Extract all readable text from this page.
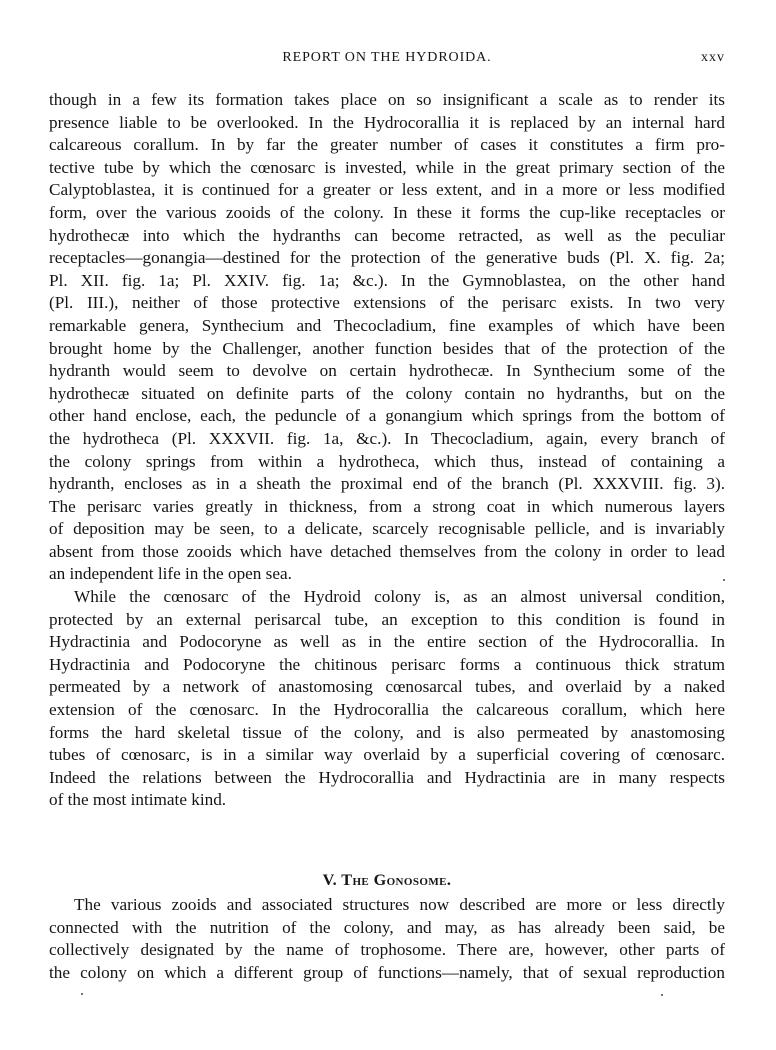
REPORT ON THE HYDROIDA.	xxv
though in a few its formation takes place on so insignificant a scale as to render its
presence liable to be overlooked. In the Hydrocorallia it is replaced by an internal hard
calcareous corallum. In by far the greater number of cases it constitutes a firm pro-
tective tube by which the cœnosarc is invested, while in the great primary section of the
Calyptoblastea, it is continued for a greater or less extent, and in a more or less modified
form, over the various zooids of the colony. In these it forms the cup-like receptacles or
hydrothecæ into which the hydranths can become retracted, as well as the peculiar
receptacles—gonangia—destined for the protection of the generative buds (Pl. X. fig. 2a;
Pl. XII. fig. 1a; Pl. XXIV. fig. 1a; &c.). In the Gymnoblastea, on the other hand
(Pl. III.), neither of those protective extensions of the perisarc exists. In two very
remarkable genera, Synthecium and Thecocladium, fine examples of which have been
brought home by the Challenger, another function besides that of the protection of the
hydranth would seem to devolve on certain hydrothecæ. In Synthecium some of the
hydrothecæ situated on definite parts of the colony contain no hydranths, but on the
other hand enclose, each, the peduncle of a gonangium which springs from the bottom of
the hydrotheca (Pl. XXXVII. fig. 1a, &c.). In Thecocladium, again, every branch of
the colony springs from within a hydrotheca, which thus, instead of containing a
hydranth, encloses as in a sheath the proximal end of the branch (Pl. XXXVIII. fig. 3).
The perisarc varies greatly in thickness, from a strong coat in which numerous layers
of deposition may be seen, to a delicate, scarcely recognisable pellicle, and is invariably
absent from those zooids which have detached themselves from the colony in order to lead
an independent life in the open sea.
While the cœnosarc of the Hydroid colony is, as an almost universal condition,
protected by an external perisarcal tube, an exception to this condition is found in
Hydractinia and Podocoryne as well as in the entire section of the Hydrocorallia. In
Hydractinia and Podocoryne the chitinous perisarc forms a continuous thick stratum
permeated by a network of anastomosing cœnosarcal tubes, and overlaid by a naked
extension of the cœnosarc. In the Hydrocorallia the calcareous corallum, which here
forms the hard skeletal tissue of the colony, and is also permeated by anastomosing
tubes of cœnosarc, is in a similar way overlaid by a superficial covering of cœnosarc.
Indeed the relations between the Hydrocorallia and Hydractinia are in many respects
of the most intimate kind.
V. The Gonosome.
The various zooids and associated structures now described are more or less directly
connected with the nutrition of the colony, and may, as has already been said, be
collectively designated by the name of trophosome. There are, however, other parts of
the colony on which a different group of functions—namely, that of sexual reproduction
